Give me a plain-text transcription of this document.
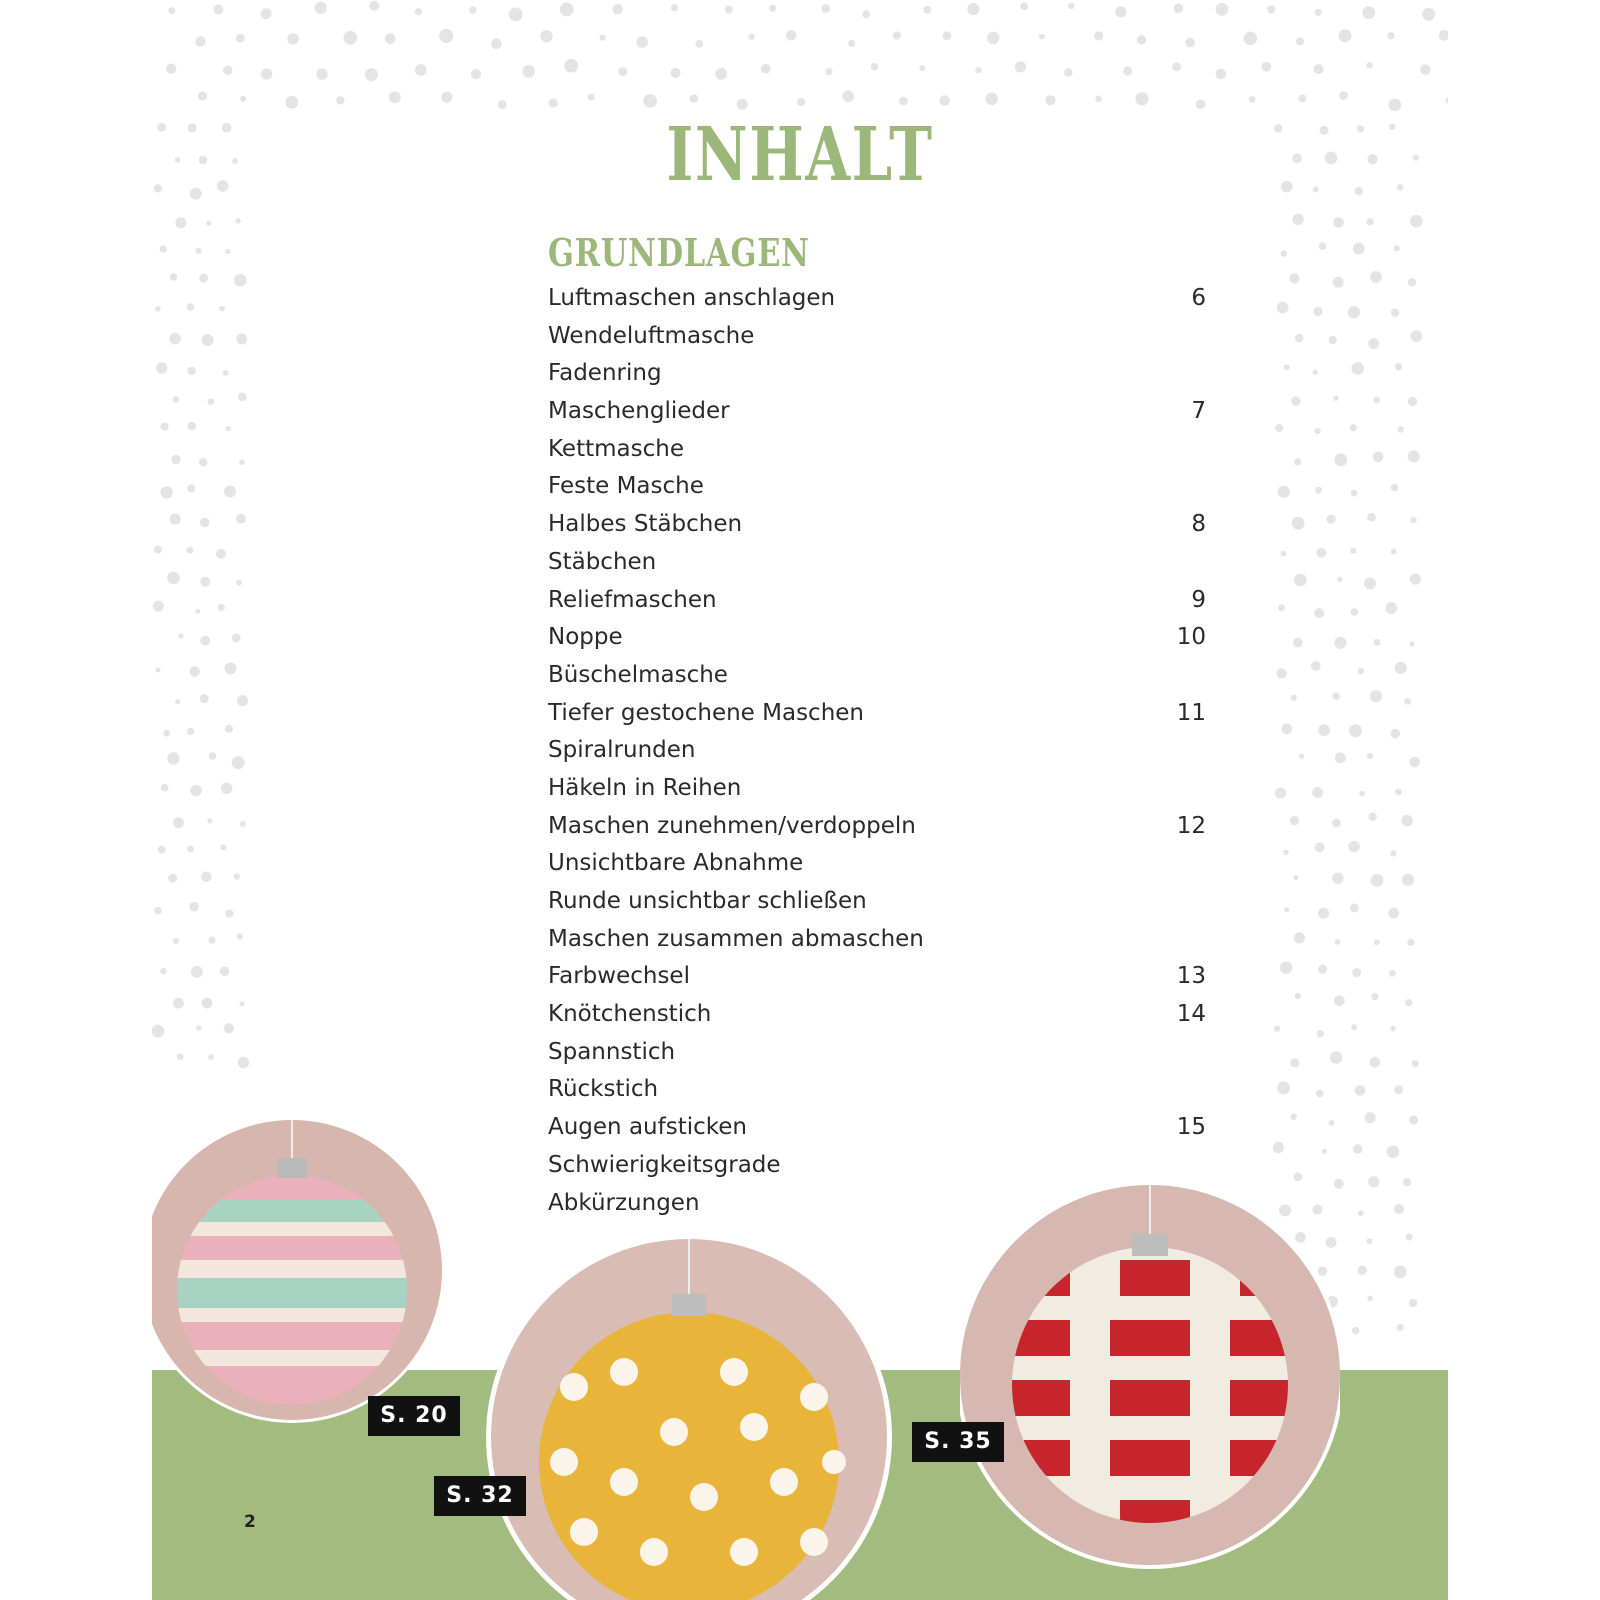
INHALT
GRUNDLAGEN
Luftmaschen anschlagen	6
Wendeluftmasche
Fadenring
Maschenglieder	7
Kettmasche
Feste Masche
Halbes Stäbchen	8
Stäbchen
Reliefmaschen	9
Noppe	10
Büschelmasche
Tiefer gestochene Maschen	11
Spiralrunden
Häkeln in Reihen
Maschen zunehmen/verdoppeln	12
Unsichtbare Abnahme
Runde unsichtbar schließen
Maschen zusammen abmaschen
Farbwechsel	13
Knötchenstich	14
Spannstich
Rückstich
Augen aufsticken	15
Schwierigkeitsgrade
Abkürzungen
S. 20
S. 32
S. 35
2
